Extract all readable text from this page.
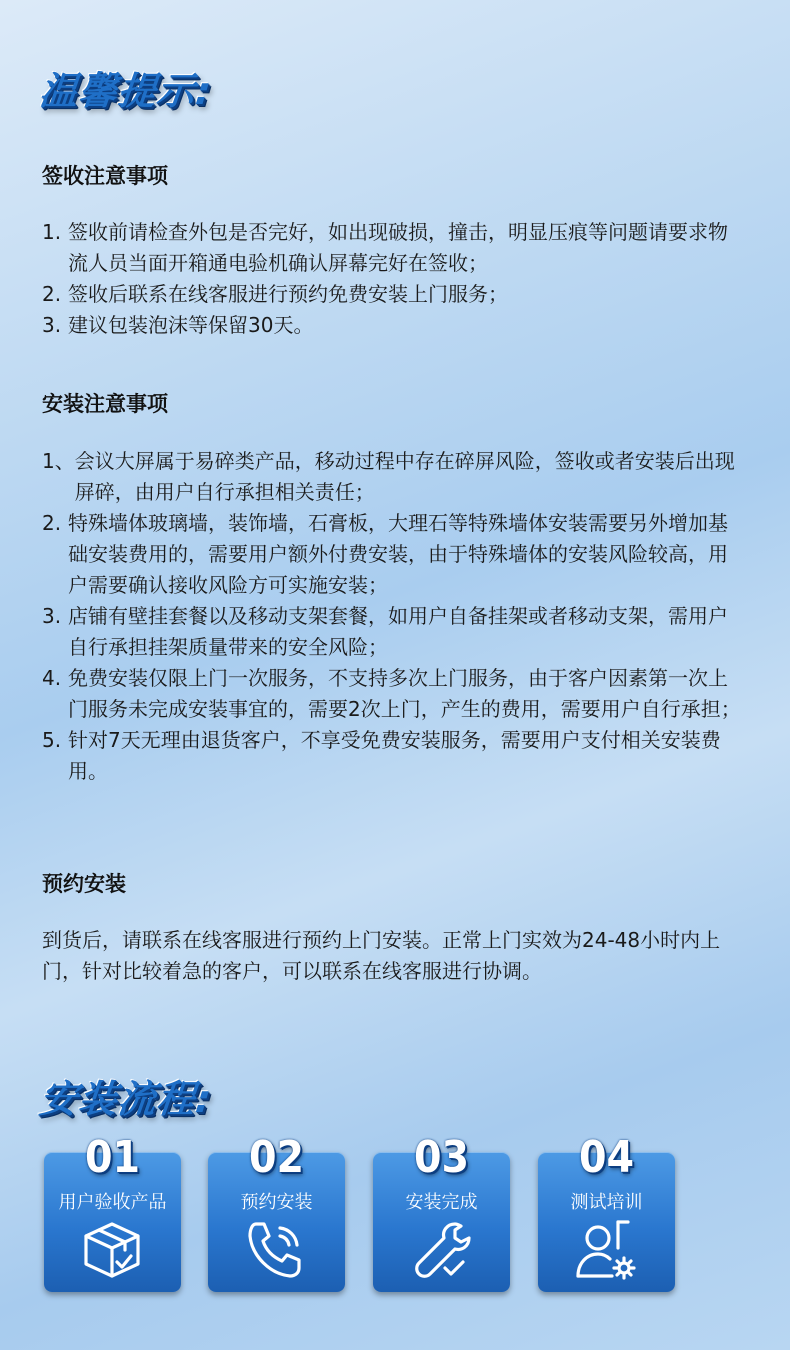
温馨提示:
签收注意事项
1. 签收前请检查外包是否完好，如出现破损，撞击，明显压痕等问题请要求物流人员当面开箱通电验机确认屏幕完好在签收；
2. 签收后联系在线客服进行预约免费安装上门服务；
3. 建议包装泡沫等保留30天。
安装注意事项
1、 会议大屏属于易碎类产品，移动过程中存在碎屏风险，签收或者安装后出现屏碎，由用户自行承担相关责任；
2. 特殊墙体玻璃墙，装饰墙，石膏板，大理石等特殊墙体安装需要另外增加基础安装费用的，需要用户额外付费安装，由于特殊墙体的安装风险较高，用户需要确认接收风险方可实施安装；
3. 店铺有壁挂套餐以及移动支架套餐，如用户自备挂架或者移动支架，需用户自行承担挂架质量带来的安全风险；
4. 免费安装仅限上门一次服务，不支持多次上门服务，由于客户因素第一次上门服务未完成安装事宜的，需要2次上门，产生的费用，需要用户自行承担；
5. 针对7天无理由退货客户，不享受免费安装服务，需要用户支付相关安装费用。
预约安装
到货后，请联系在线客服进行预约上门安装。正常上门实效为24-48小时内上门，针对比较着急的客户，可以联系在线客服进行协调。
安装流程:
01
用户验收产品
02
预约安装
03
安装完成
04
测试培训
